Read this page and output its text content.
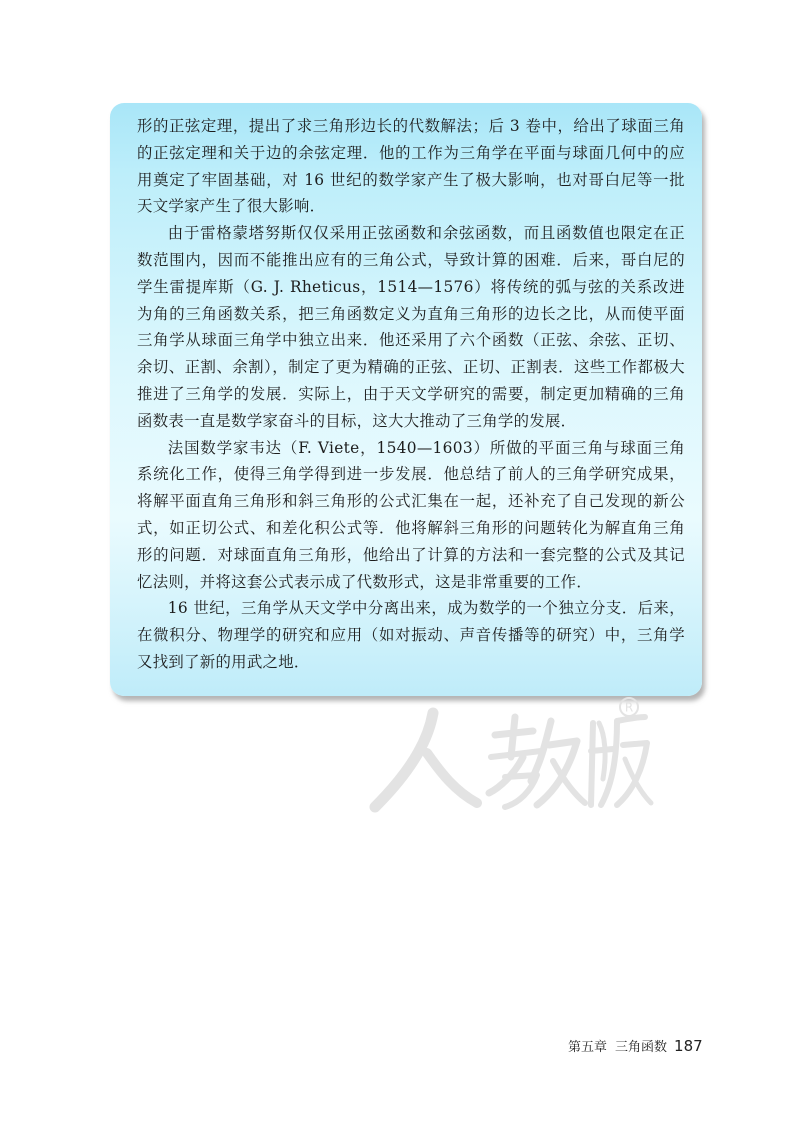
形的正弦定理，提出了求三角形边长的代数解法；后 3 卷中，给出了球面三角的正弦定理和关于边的余弦定理．他的工作为三角学在平面与球面几何中的应用奠定了牢固基础，对 16 世纪的数学家产生了极大影响，也对哥白尼等一批天文学家产生了很大影响．

由于雷格蒙塔努斯仅仅采用正弦函数和余弦函数，而且函数值也限定在正数范围内，因而不能推出应有的三角公式，导致计算的困难．后来，哥白尼的学生雷提库斯（G. J. Rheticus，1514—1576）将传统的弧与弦的关系改进为角的三角函数关系，把三角函数定义为直角三角形的边长之比，从而使平面三角学从球面三角学中独立出来．他还采用了六个函数（正弦、余弦、正切、余切、正割、余割），制定了更为精确的正弦、正切、正割表．这些工作都极大推进了三角学的发展．实际上，由于天文学研究的需要，制定更加精确的三角函数表一直是数学家奋斗的目标，这大大推动了三角学的发展．

法国数学家韦达（F. Viete，1540—1603）所做的平面三角与球面三角系统化工作，使得三角学得到进一步发展．他总结了前人的三角学研究成果，将解平面直角三角形和斜三角形的公式汇集在一起，还补充了自己发现的新公式，如正切公式、和差化积公式等．他将解斜三角形的问题转化为解直角三角形的问题．对球面直角三角形，他给出了计算的方法和一套完整的公式及其记忆法则，并将这套公式表示成了代数形式，这是非常重要的工作．

16 世纪，三角学从天文学中分离出来，成为数学的一个独立分支．后来，在微积分、物理学的研究和应用（如对振动、声音传播等的研究）中，三角学又找到了新的用武之地．

R
第五章 三角函数 187
